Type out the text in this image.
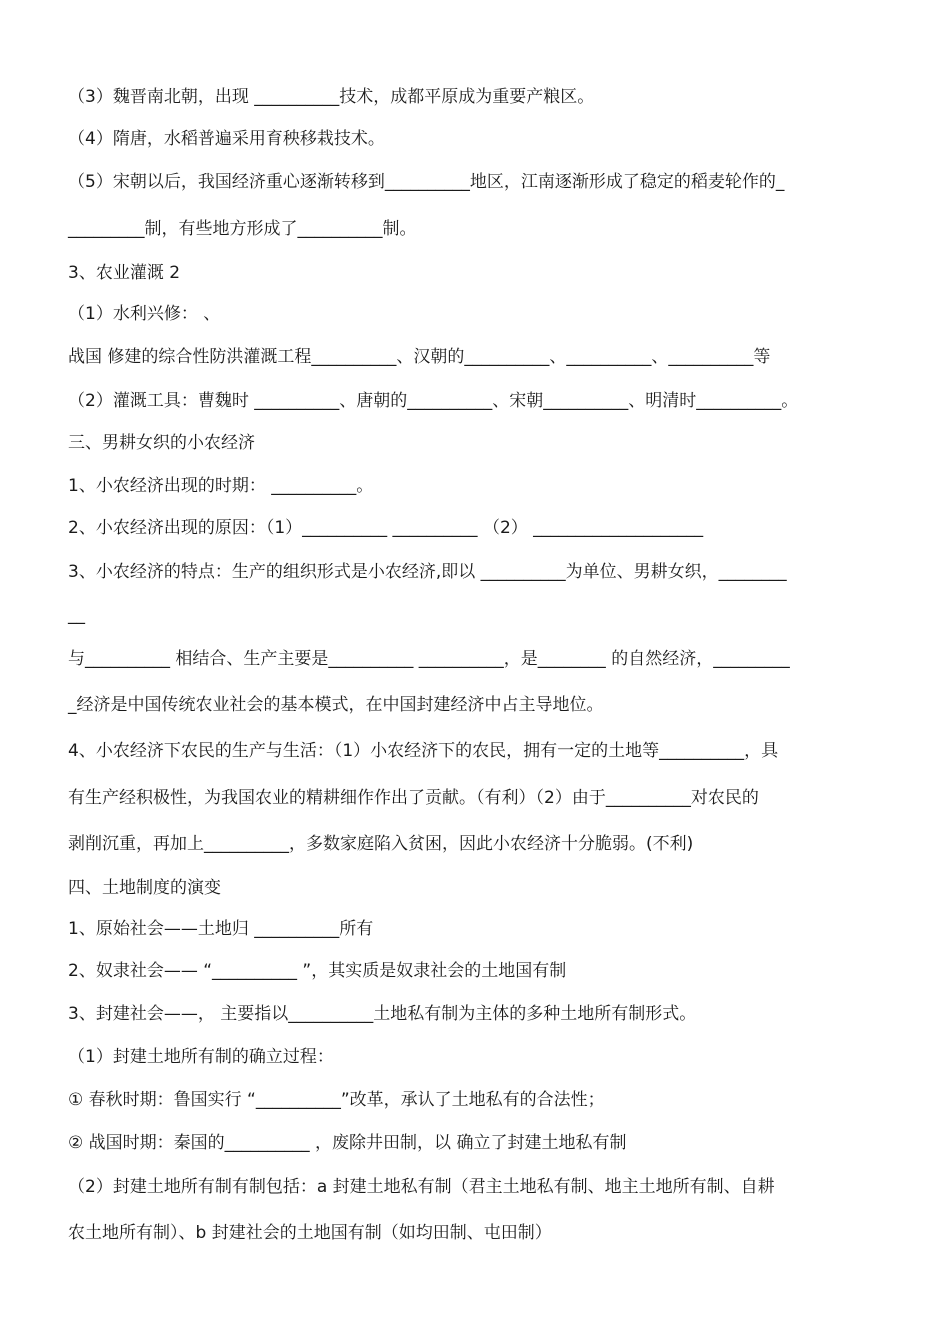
（3）魏晋南北朝，出现 __________技术，成都平原成为重要产粮区。

（4）隋唐，水稻普遍采用育秧移栽技术。

（5）宋朝以后，我国经济重心逐渐转移到__________地区，江南逐渐形成了稳定的稻麦轮作的_

_________制，有些地方形成了__________制。

3、农业灌溉 2

（1）水利兴修： 、

战国 修建的综合性防洪灌溉工程__________、汉朝的__________、__________、__________等

（2）灌溉工具：曹魏时 __________、唐朝的__________、宋朝__________、明清时__________。

三、男耕女织的小农经济

1、小农经济出现的时期： __________。

2、小农经济出现的原因：（1）__________ __________ （2） ____________________

3、小农经济的特点：生产的组织形式是小农经济,即以 __________为单位、男耕女织，________

__

与__________ 相结合、生产主要是__________ __________，是________ 的自然经济，_________

_经济是中国传统农业社会的基本模式，在中国封建经济中占主导地位。

4、小农经济下农民的生产与生活：（1）小农经济下的农民，拥有一定的土地等__________，具

有生产经积极性，为我国农业的精耕细作作出了贡献。（有利）（2）由于__________对农民的

剥削沉重，再加上__________，多数家庭陷入贫困，因此小农经济十分脆弱。(不利)

四、土地制度的演变

1、原始社会——土地归 __________所有

2、奴隶社会—— “__________ ”，其实质是奴隶社会的土地国有制

3、封建社会——， 主要指以__________土地私有制为主体的多种土地所有制形式。

（1）封建土地所有制的确立过程：

① 春秋时期：鲁国实行 “__________”改革，承认了土地私有的合法性；

② 战国时期：秦国的__________ ，废除井田制，以 确立了封建土地私有制

（2）封建土地所有制有制包括：a 封建土地私有制（君主土地私有制、地主土地所有制、自耕

农土地所有制）、b 封建社会的土地国有制（如均田制、屯田制）
